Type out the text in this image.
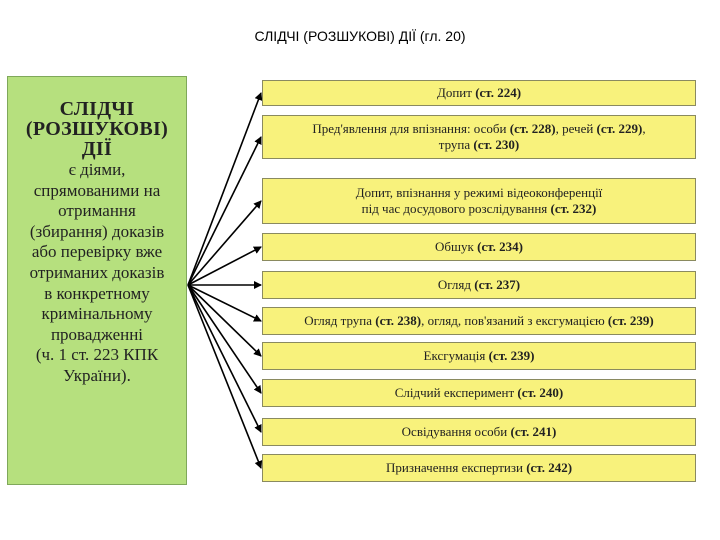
СЛІДЧІ (РОЗШУКОВІ) ДІЇ (гл. 20)
СЛІДЧІ
(РОЗШУКОВІ)
ДІЇ
є діями,
спрямованими на
отримання
(збирання) доказів
або перевірку вже
отриманих доказів
в конкретному
кримінальному
провадженні
(ч. 1 ст. 223 КПК
України).
Допит (ст. 224)
Пред'явлення для впізнання: особи (ст. 228), речей (ст. 229),
трупа (ст. 230)
Допит, впізнання у режимі відеоконференції
під час досудового розслідування (ст. 232)
Обшук (ст. 234)
Огляд (ст. 237)
Огляд трупа (ст. 238), огляд, пов'язаний з ексгумацією (ст. 239)
Ексгумація (ст. 239)
Слідчий експеримент (ст. 240)
Освідування особи (ст. 241)
Призначення експертизи (ст. 242)
